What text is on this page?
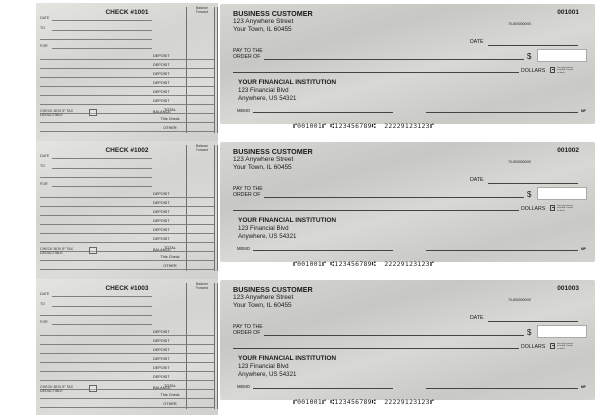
CHECK #1001
Balance Forward
DATE
TO
FOR
DEPOSIT
DEPOSIT
DEPOSIT
DEPOSIT
DEPOSIT
DEPOSIT
TOTAL
This Check
OTHER
CHECK BOX IF TAX DEDUCTIBLE
BALANCE
BUSINESS CUSTOMER
123 Anywhere Street
Your Town, IL 60455
001001
70-8000000/00
DATE
PAY TO THE
ORDER OF	$
DOLLARS	Security features included. Details on back.
YOUR FINANCIAL INSTITUTION
123 Financial Blvd
Anywhere, US 54321
MEMO	MP
⑈001001⑈ ⑆123456789⑆  22229123123⑈
CHECK #1002
Balance Forward
DATE
TO
FOR
DEPOSIT
DEPOSIT
DEPOSIT
DEPOSIT
DEPOSIT
DEPOSIT
TOTAL
This Check
OTHER
CHECK BOX IF TAX DEDUCTIBLE
BALANCE
BUSINESS CUSTOMER
123 Anywhere Street
Your Town, IL 60455
001002
70-8000000/00
DATE
PAY TO THE
ORDER OF	$
DOLLARS	Security features included. Details on back.
YOUR FINANCIAL INSTITUTION
123 Financial Blvd
Anywhere, US 54321
MEMO	MP
⑈001001⑈ ⑆123456789⑆  22229123123⑈
CHECK #1003
Balance Forward
DATE
TO
FOR
DEPOSIT
DEPOSIT
DEPOSIT
DEPOSIT
DEPOSIT
DEPOSIT
TOTAL
This Check
OTHER
CHECK BOX IF TAX DEDUCTIBLE
BALANCE
BUSINESS CUSTOMER
123 Anywhere Street
Your Town, IL 60455
001003
70-8000000/00
DATE
PAY TO THE
ORDER OF	$
DOLLARS	Security features included. Details on back.
YOUR FINANCIAL INSTITUTION
123 Financial Blvd
Anywhere, US 54321
MEMO	MP
⑈001001⑈ ⑆123456789⑆  22229123123⑈
